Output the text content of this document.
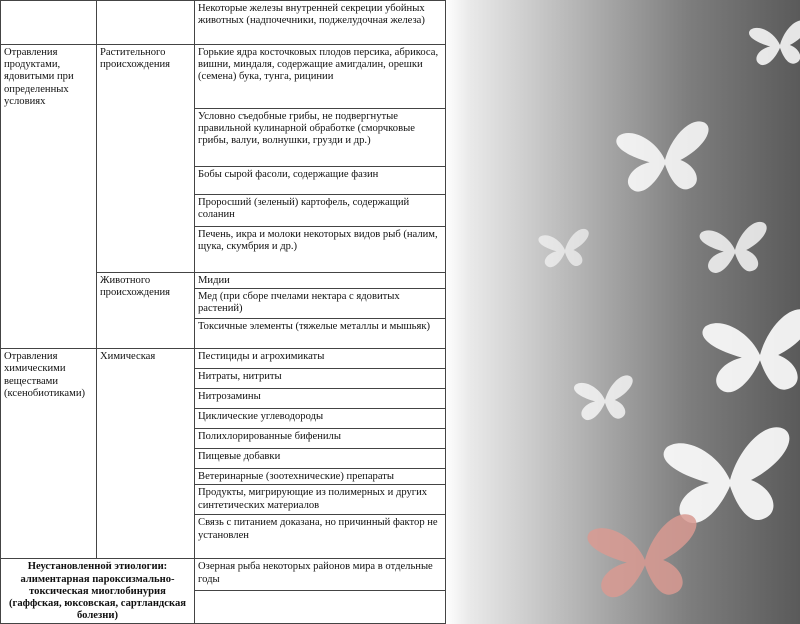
		Некоторые железы внутренней секреции убойных животных (надпочечники, поджелудочная железа)

Отравления продуктами, ядовитыми при определенных условиях	Растительного происхождения	Горькие ядра косточковых плодов персика, абрикоса, вишни, миндаля, содержащие амигдалин, орешки (семена) бука, тунга, рицинии

		Условно съедобные грибы, не подвергнутые правильной кулинарной обработке (сморчковые грибы, валуи, волнушки, грузди и др.)

		Бобы сырой фасоли, содержащие фазин

		Проросший (зеленый) картофель, содержащий соланин

		Печень, икра и молоки некоторых видов рыб (налим, щука, скумбрия и др.)

	Животного происхождения	Мидии

		Мед (при сборе пчелами нектара с ядовитых растений)

		Токсичные элементы (тяжелые металлы и мышьяк)

Отравления химическими веществами (ксенобиотиками)	Химическая	Пестициды и агрохимикаты

		Нитраты, нитриты

		Нитрозамины

		Циклические углеводороды

		Полихлорированные бифенилы

		Пищевые добавки

		Ветеринарные (зоотехнические) препараты

		Продукты, мигрирующие из полимерных и других синтетических материалов

		Связь с питанием доказана, но причинный фактор не установлен

Неустановленной этиологии: алиментарная пароксизмально-токсическая миоглобинурия (гаффская, юксовская, сартландская болезни)		Озерная рыба некоторых районов мира в отдельные годы
